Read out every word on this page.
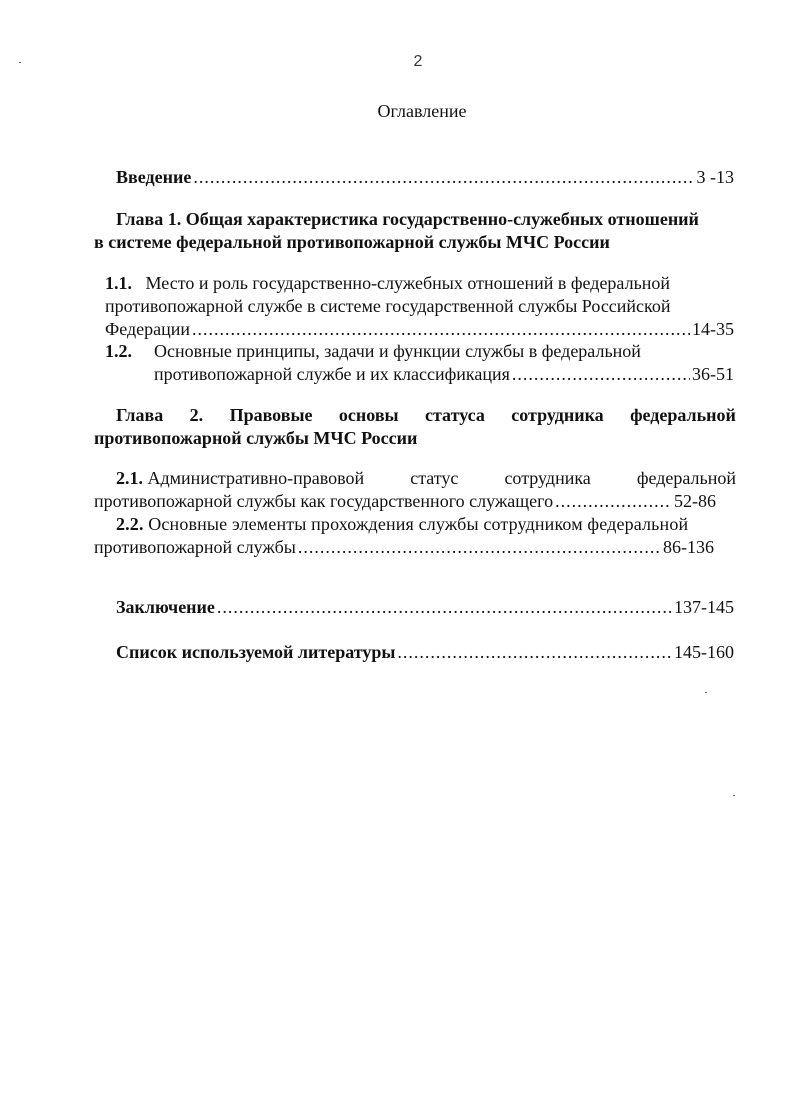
2
Оглавление
Введение .....	3 -13
Глава 1. Общая характеристика государственно-служебных отношений
в системе федеральной противопожарной службы МЧС России
1.1. Место и роль государственно-служебных отношений в федеральной
противопожарной службе в системе государственной службы Российской
Федерации .....	14-35
1.2. Основные принципы, задачи и функции службы в федеральной
противопожарной службе и их классификация .....	36-51
Глава 2. Правовые основы статуса сотрудника федеральной
противопожарной службы МЧС России
2.1. Административно-правовой	статус	сотрудника	федеральной
противопожарной службы как государственного служащего .....	52-86
2.2. Основные элементы прохождения службы сотрудником федеральной
противопожарной службы .....	86-136
Заключение .....	137-145
Список используемой литературы .....	145-160
